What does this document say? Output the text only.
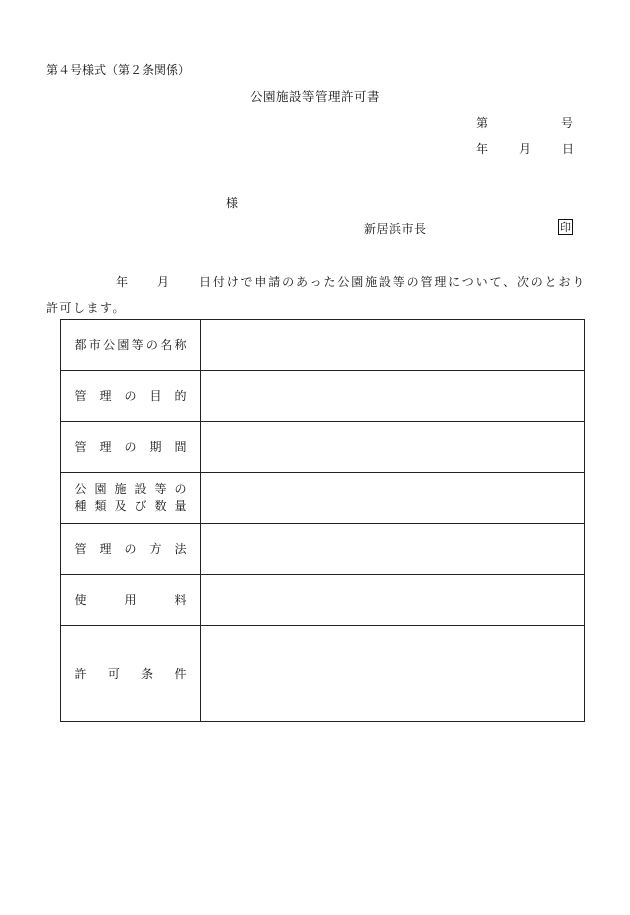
第４号様式（第２条関係）
公園施設等管理許可書
第	号
年	月	日
様
新居浜市長	印
年 月 日付けで申請のあった公園施設等の管理について、次のとおり
許可します。
都市公園等の名称
管理の目的
管理の期間
公園施設等の
種類及び数量
管理の方法
使用料
許可条件
